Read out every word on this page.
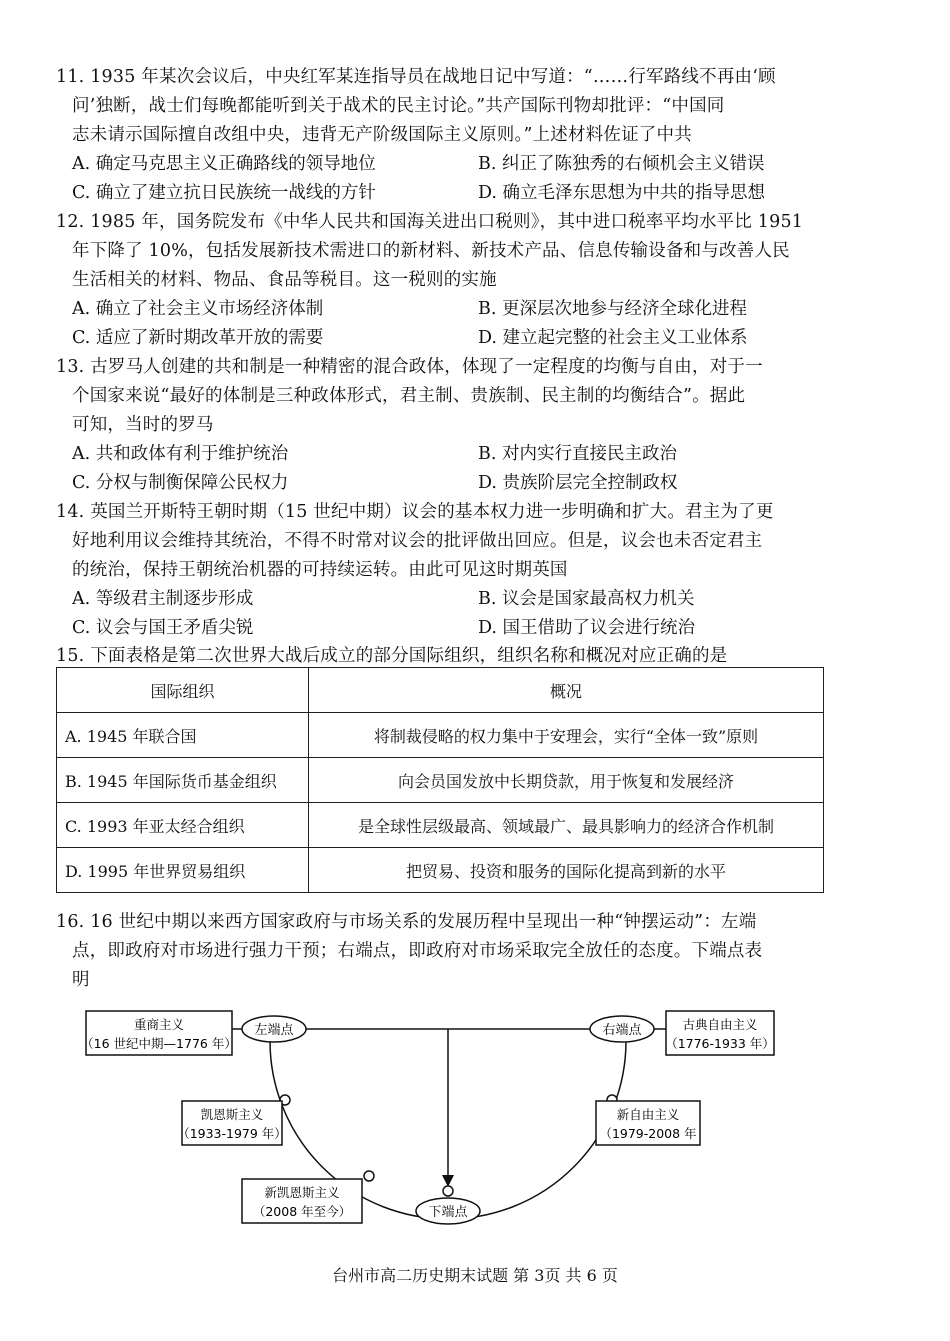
11. 1935 年某次会议后，中央红军某连指导员在战地日记中写道：“……行军路线不再由‘顾
问’独断，战士们每晚都能听到关于战术的民主讨论。”共产国际刊物却批评：“中国同
志未请示国际擅自改组中央，违背无产阶级国际主义原则。”上述材料佐证了中共
A. 确定马克思主义正确路线的领导地位	B. 纠正了陈独秀的右倾机会主义错误
C. 确立了建立抗日民族统一战线的方针	D. 确立毛泽东思想为中共的指导思想
12. 1985 年，国务院发布《中华人民共和国海关进出口税则》，其中进口税率平均水平比 1951
年下降了 10%，包括发展新技术需进口的新材料、新技术产品、信息传输设备和与改善人民
生活相关的材料、物品、食品等税目。这一税则的实施
A. 确立了社会主义市场经济体制	B. 更深层次地参与经济全球化进程
C. 适应了新时期改革开放的需要	D. 建立起完整的社会主义工业体系
13. 古罗马人创建的共和制是一种精密的混合政体，体现了一定程度的均衡与自由，对于一
个国家来说“最好的体制是三种政体形式，君主制、贵族制、民主制的均衡结合”。据此
可知，当时的罗马
A. 共和政体有利于维护统治	B. 对内实行直接民主政治
C. 分权与制衡保障公民权力	D. 贵族阶层完全控制政权
14. 英国兰开斯特王朝时期（15 世纪中期）议会的基本权力进一步明确和扩大。君主为了更
好地利用议会维持其统治，不得不时常对议会的批评做出回应。但是，议会也未否定君主
的统治，保持王朝统治机器的可持续运转。由此可见这时期英国
A. 等级君主制逐步形成	B. 议会是国家最高权力机关
C. 议会与国王矛盾尖锐	D. 国王借助了议会进行统治
15. 下面表格是第二次世界大战后成立的部分国际组织，组织名称和概况对应正确的是
国际组织	概况
A. 1945 年联合国	将制裁侵略的权力集中于安理会，实行“全体一致”原则
B. 1945 年国际货币基金组织	向会员国发放中长期贷款，用于恢复和发展经济
C. 1993 年亚太经合组织	是全球性层级最高、领域最广、最具影响力的经济合作机制
D. 1995 年世界贸易组织	把贸易、投资和服务的国际化提高到新的水平
16. 16 世纪中期以来西方国家政府与市场关系的发展历程中呈现出一种“钟摆运动”：左端
点，即政府对市场进行强力干预；右端点，即政府对市场采取完全放任的态度。下端点表
明
左端点	右端点
下端点
重商主义
（16 世纪中期—1776 年）
古典自由主义
（1776-1933 年）
凯恩斯主义
（1933-1979 年）
新自由主义
（1979-2008 年
新凯恩斯主义
（2008 年至今）
台州市高二历史期末试题 第 3页 共 6 页
